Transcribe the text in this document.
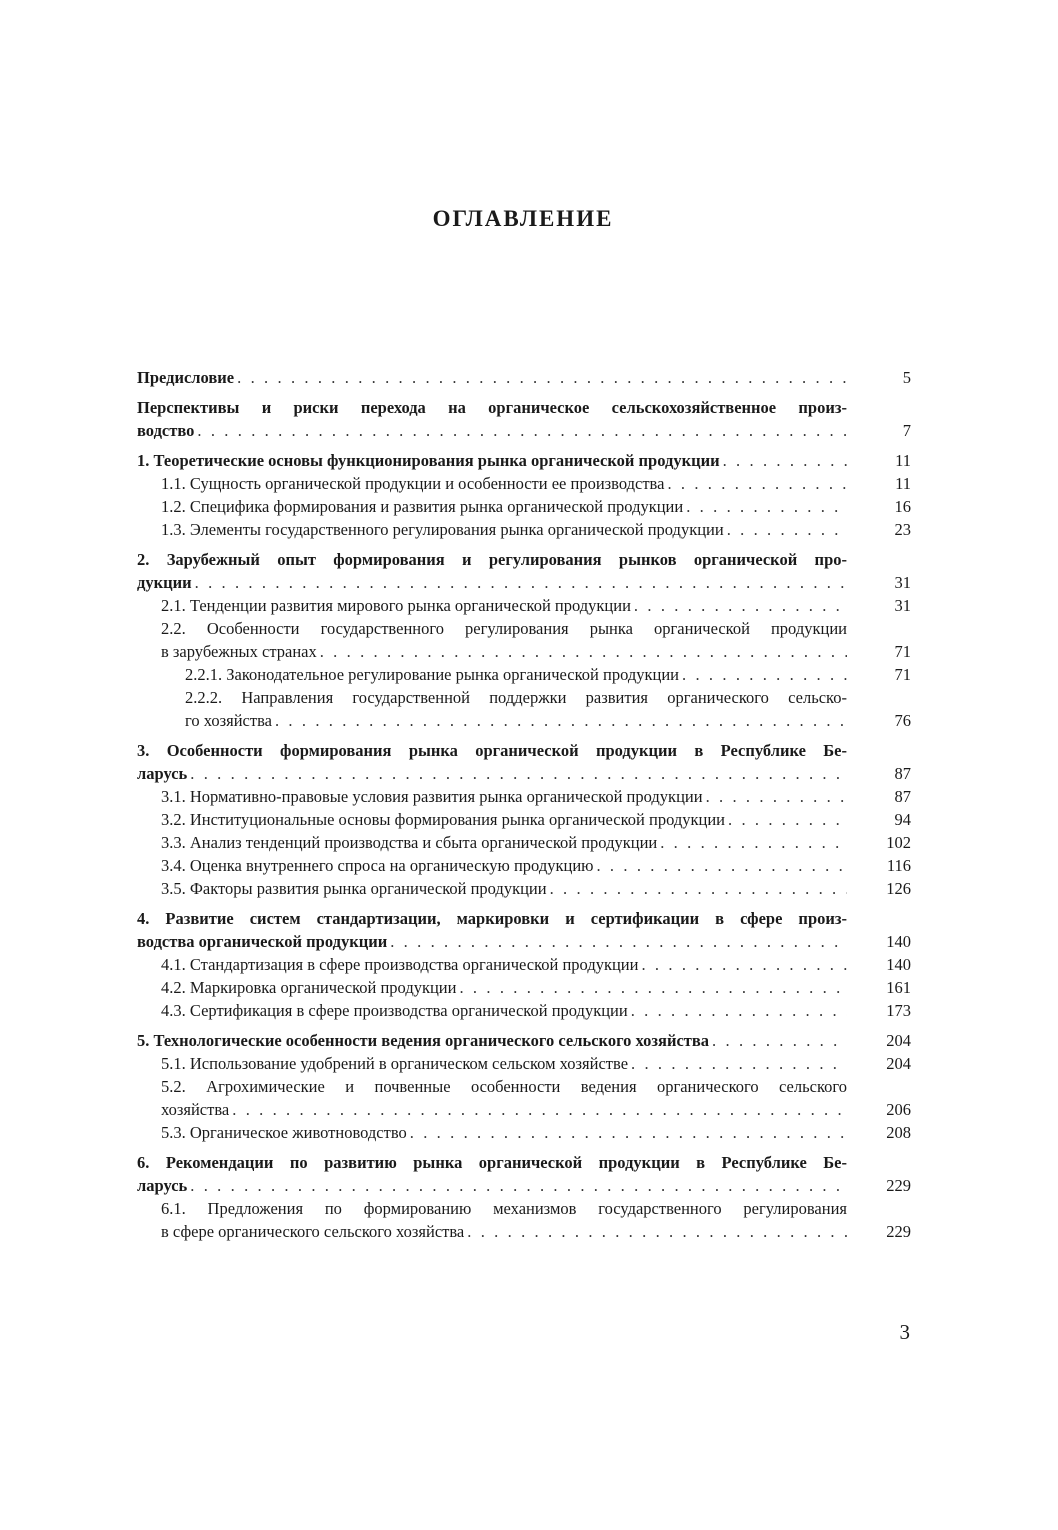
ОГЛАВЛЕНИЕ
Предисловие . . .	5
Перспективы и риски перехода на органическое сельскохозяйственное произ-
водство . . .	7
1. Теоретические основы функционирования рынка органической продукции . . .	11
1.1. Сущность органической продукции и особенности ее производства . . .	11
1.2. Специфика формирования и развития рынка органической продукции . . .	16
1.3. Элементы государственного регулирования рынка органической продукции . . .	23
2. Зарубежный опыт формирования и регулирования рынков органической про-
дукции . . .	31
2.1. Тенденции развития мирового рынка органической продукции . . .	31
2.2. Особенности государственного регулирования рынка органической продукции
в зарубежных странах . . .	71
2.2.1. Законодательное регулирование рынка органической продукции . . .	71
2.2.2. Направления государственной поддержки развития органического сельско-
го хозяйства . . .	76
3. Особенности формирования рынка органической продукции в Республике Бе-
ларусь . . .	87
3.1. Нормативно-правовые условия развития рынка органической продукции . . .	87
3.2. Институциональные основы формирования рынка органической продукции . . .	94
3.3. Анализ тенденций производства и сбыта органической продукции . . .	102
3.4. Оценка внутреннего спроса на органическую продукцию . . .	116
3.5. Факторы развития рынка органической продукции . . .	126
4. Развитие систем стандартизации, маркировки и сертификации в сфере произ-
водства органической продукции . . .	140
4.1. Стандартизация в сфере производства органической продукции . . .	140
4.2. Маркировка органической продукции . . .	161
4.3. Сертификация в сфере производства органической продукции . . .	173
5. Технологические особенности ведения органического сельского хозяйства . . .	204
5.1. Использование удобрений в органическом сельском хозяйстве . . .	204
5.2. Агрохимические и почвенные особенности ведения органического сельского
хозяйства . . .	206
5.3. Органическое животноводство . . .	208
6. Рекомендации по развитию рынка органической продукции в Республике Бе-
ларусь . . .	229
6.1. Предложения по формированию механизмов государственного регулирования
в сфере органического сельского хозяйства . . .	229
3
